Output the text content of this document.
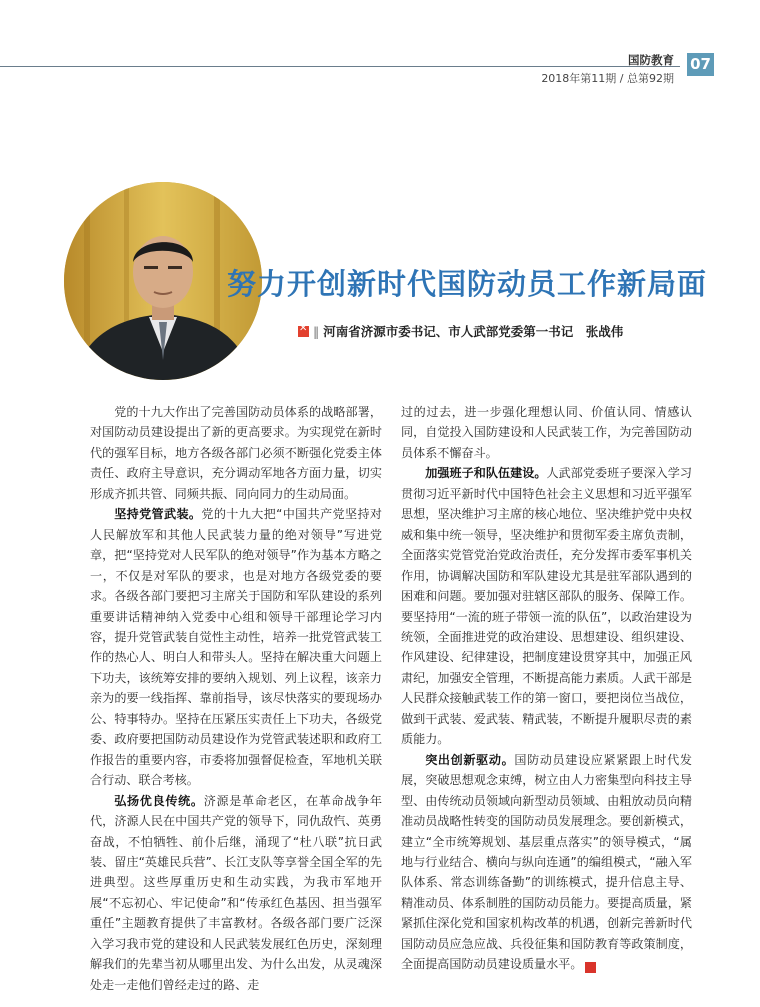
国防教育 07
2018年第11期 / 总第92期
努力开创新时代国防动员工作新局面
✕‖ 河南省济源市委书记、市人武部党委第一书记　张战伟

党的十九大作出了完善国防动员体系的战略部署，对国防动员建设提出了新的更高要求。为实现党在新时代的强军目标，地方各级各部门必须不断强化党委主体责任、政府主导意识，充分调动军地各方面力量，切实形成齐抓共管、同频共振、同向同力的生动局面。

坚持党管武装。党的十九大把“中国共产党坚持对人民解放军和其他人民武装力量的绝对领导”写进党章，把“坚持党对人民军队的绝对领导”作为基本方略之一，不仅是对军队的要求，也是对地方各级党委的要求。各级各部门要把习主席关于国防和军队建设的系列重要讲话精神纳入党委中心组和领导干部理论学习内容，提升党管武装自觉性主动性，培养一批党管武装工作的热心人、明白人和带头人。坚持在解决重大问题上下功夫，该统筹安排的要纳入规划、列上议程，该亲力亲为的要一线指挥、靠前指导，该尽快落实的要现场办公、特事特办。坚持在压紧压实责任上下功夫，各级党委、政府要把国防动员建设作为党管武装述职和政府工作报告的重要内容，市委将加强督促检查，军地机关联合行动、联合考核。

弘扬优良传统。济源是革命老区，在革命战争年代，济源人民在中国共产党的领导下，同仇敌忾、英勇奋战，不怕牺牲、前仆后继，涌现了“杜八联”抗日武装、留庄“英雄民兵营”、长江支队等享誉全国全军的先进典型。这些厚重历史和生动实践，为我市军地开展“不忘初心、牢记使命”和“传承红色基因、担当强军重任”主题教育提供了丰富教材。各级各部门要广泛深入学习我市党的建设和人民武装发展红色历史，深刻理解我们的先辈当初从哪里出发、为什么出发，从灵魂深处走一走他们曾经走过的路、走

过的过去，进一步强化理想认同、价值认同、情感认同，自觉投入国防建设和人民武装工作，为完善国防动员体系不懈奋斗。

加强班子和队伍建设。人武部党委班子要深入学习贯彻习近平新时代中国特色社会主义思想和习近平强军思想，坚决维护习主席的核心地位、坚决维护党中央权威和集中统一领导，坚决维护和贯彻军委主席负责制，全面落实党管党治党政治责任，充分发挥市委军事机关作用，协调解决国防和军队建设尤其是驻军部队遇到的困难和问题。要加强对驻辖区部队的服务、保障工作。要坚持用“一流的班子带领一流的队伍”，以政治建设为统领，全面推进党的政治建设、思想建设、组织建设、作风建设、纪律建设，把制度建设贯穿其中，加强正风肃纪，加强安全管理，不断提高能力素质。人武干部是人民群众接触武装工作的第一窗口，要把岗位当战位，做到干武装、爱武装、精武装，不断提升履职尽责的素质能力。

突出创新驱动。国防动员建设应紧紧跟上时代发展，突破思想观念束缚，树立由人力密集型向科技主导型、由传统动员领域向新型动员领域、由粗放动员向精准动员战略性转变的国防动员发展理念。要创新模式，建立“全市统筹规划、基层重点落实”的领导模式，“属地与行业结合、横向与纵向连通”的编组模式，“融入军队体系、常态训练备勤”的训练模式，提升信息主导、精准动员、体系制胜的国防动员能力。要提高质量，紧紧抓住深化党和国家机构改革的机遇，创新完善新时代国防动员应急应战、兵役征集和国防教育等政策制度，全面提高国防动员建设质量水平。	G
